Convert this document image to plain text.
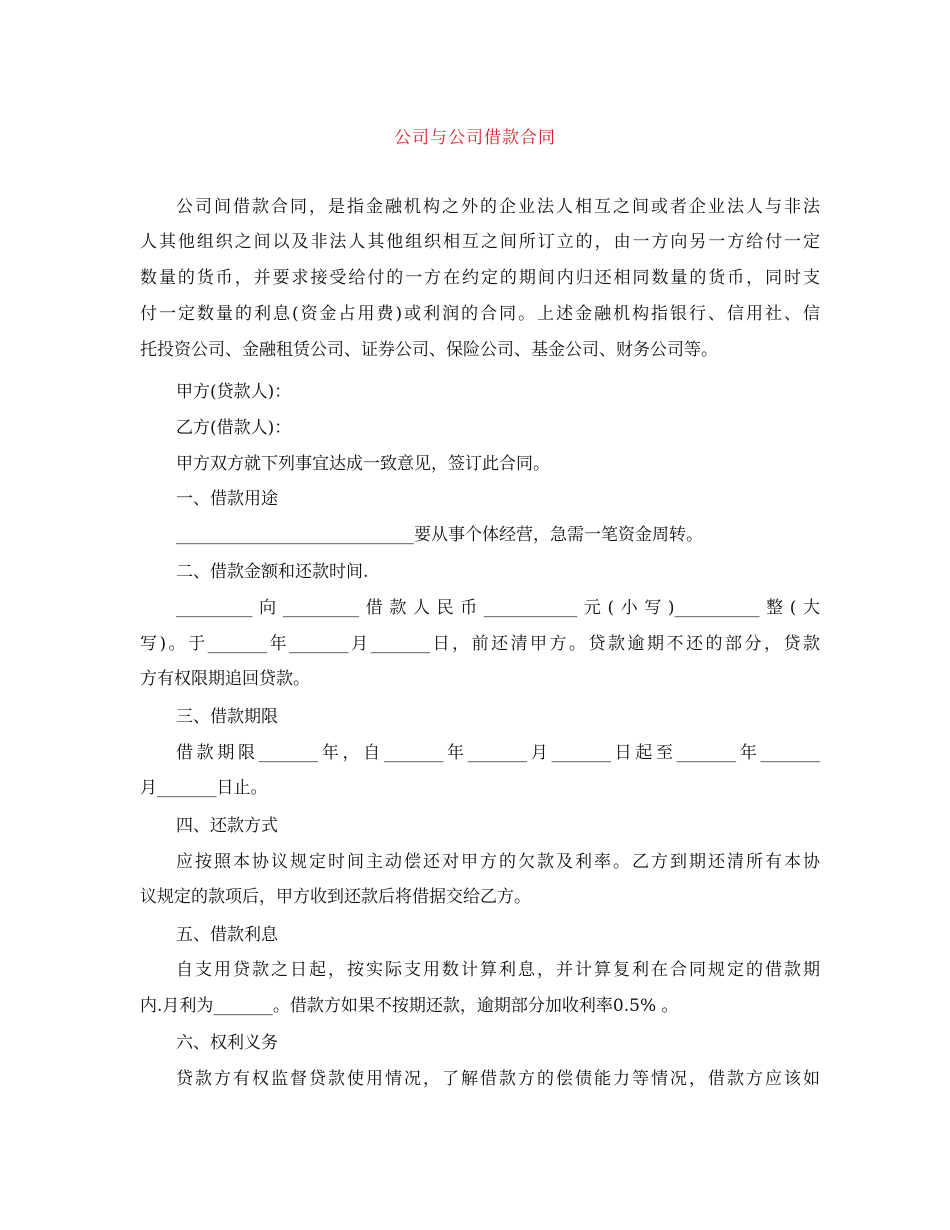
公司与公司借款合同
公司间借款合同，是指金融机构之外的企业法人相互之间或者企业法人与非法
人其他组织之间以及非法人其他组织相互之间所订立的，由一方向另一方给付一定
数量的货币，并要求接受给付的一方在约定的期间内归还相同数量的货币，同时支
付一定数量的利息(资金占用费)或利润的合同。上述金融机构指银行、信用社、信
托投资公司、金融租赁公司、证券公司、保险公司、基金公司、财务公司等。
甲方(贷款人)：
乙方(借款人)：
甲方双方就下列事宜达成一致意见，签订此合同。
一、借款用途
____________________________要从事个体经营，急需一笔资金周转。
二、借款金额和还款时间.
_________向_________借款人民币___________元(小写)__________整(大
写)。于_______年_______月_______日，前还清甲方。贷款逾期不还的部分，贷款
方有权限期追回贷款。
三、借款期限
借款期限_______年，自_______年_______月_______日起至_______年_______
月_______日止。
四、还款方式
应按照本协议规定时间主动偿还对甲方的欠款及利率。乙方到期还清所有本协
议规定的款项后，甲方收到还款后将借据交给乙方。
五、借款利息
自支用贷款之日起，按实际支用数计算利息，并计算复利在合同规定的借款期
内.月利为_______。借款方如果不按期还款，逾期部分加收利率0.5% 。
六、权利义务
贷款方有权监督贷款使用情况，了解借款方的偿债能力等情况，借款方应该如
